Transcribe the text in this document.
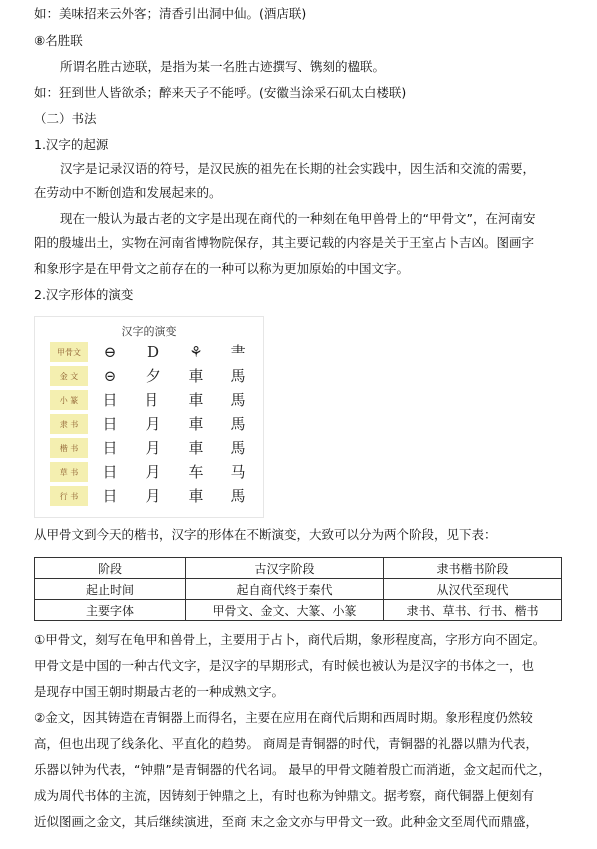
如：美味招来云外客；清香引出洞中仙。(酒店联)
⑧名胜联
所谓名胜古迹联，是指为某一名胜古迹撰写、镌刻的楹联。
如：狂到世人皆欲杀；醉来天子不能呼。(安徽当涂采石矶太白楼联)
（二）书法
1.汉字的起源
汉字是记录汉语的符号，是汉民族的祖先在长期的社会实践中，因生活和交流的需要，
在劳动中不断创造和发展起来的。
现在一般认为最古老的文字是出现在商代的一种刻在龟甲兽骨上的“甲骨文”，在河南安
阳的殷墟出土，实物在河南省博物院保存，其主要记载的内容是关于王室占卜吉凶。图画字
和象形字是在甲骨文之前存在的一种可以称为更加原始的中国文字。
2.汉字形体的演变
汉字的演变
甲骨文	⊖	D	⚘	⺻
金 文	⊝	⼣	車	⾺
小 篆	日	⺝	車	馬
隶 书	日	月	車	馬
楷 书	日	月	車	馬
草 书	日	月	车	马
行 书	日	月	車	馬
从甲骨文到今天的楷书，汉字的形体在不断演变，大致可以分为两个阶段，见下表：
阶段	古汉字阶段	隶书楷书阶段
起止时间	起自商代终于秦代	从汉代至现代
主要字体	甲骨文、金文、大篆、小篆	隶书、草书、行书、楷书
①甲骨文，刻写在龟甲和兽骨上，主要用于占卜，商代后期，象形程度高，字形方向不固定。
甲骨文是中国的一种古代文字，是汉字的早期形式，有时候也被认为是汉字的书体之一，也
是现存中国王朝时期最古老的一种成熟文字。
②金文，因其铸造在青铜器上而得名，主要在应用在商代后期和西周时期。象形程度仍然较
高，但也出现了线条化、平直化的趋势。 商周是青铜器的时代，青铜器的礼器以鼎为代表，
乐器以钟为代表，“钟鼎”是青铜器的代名词。 最早的甲骨文随着殷亡而消逝，金文起而代之，
成为周代书体的主流，因铸刻于钟鼎之上，有时也称为钟鼎文。据考察，商代铜器上便刻有
近似图画之金文，其后继续演进，至商 末之金文亦与甲骨文一致。此种金文至周代而鼎盛，
